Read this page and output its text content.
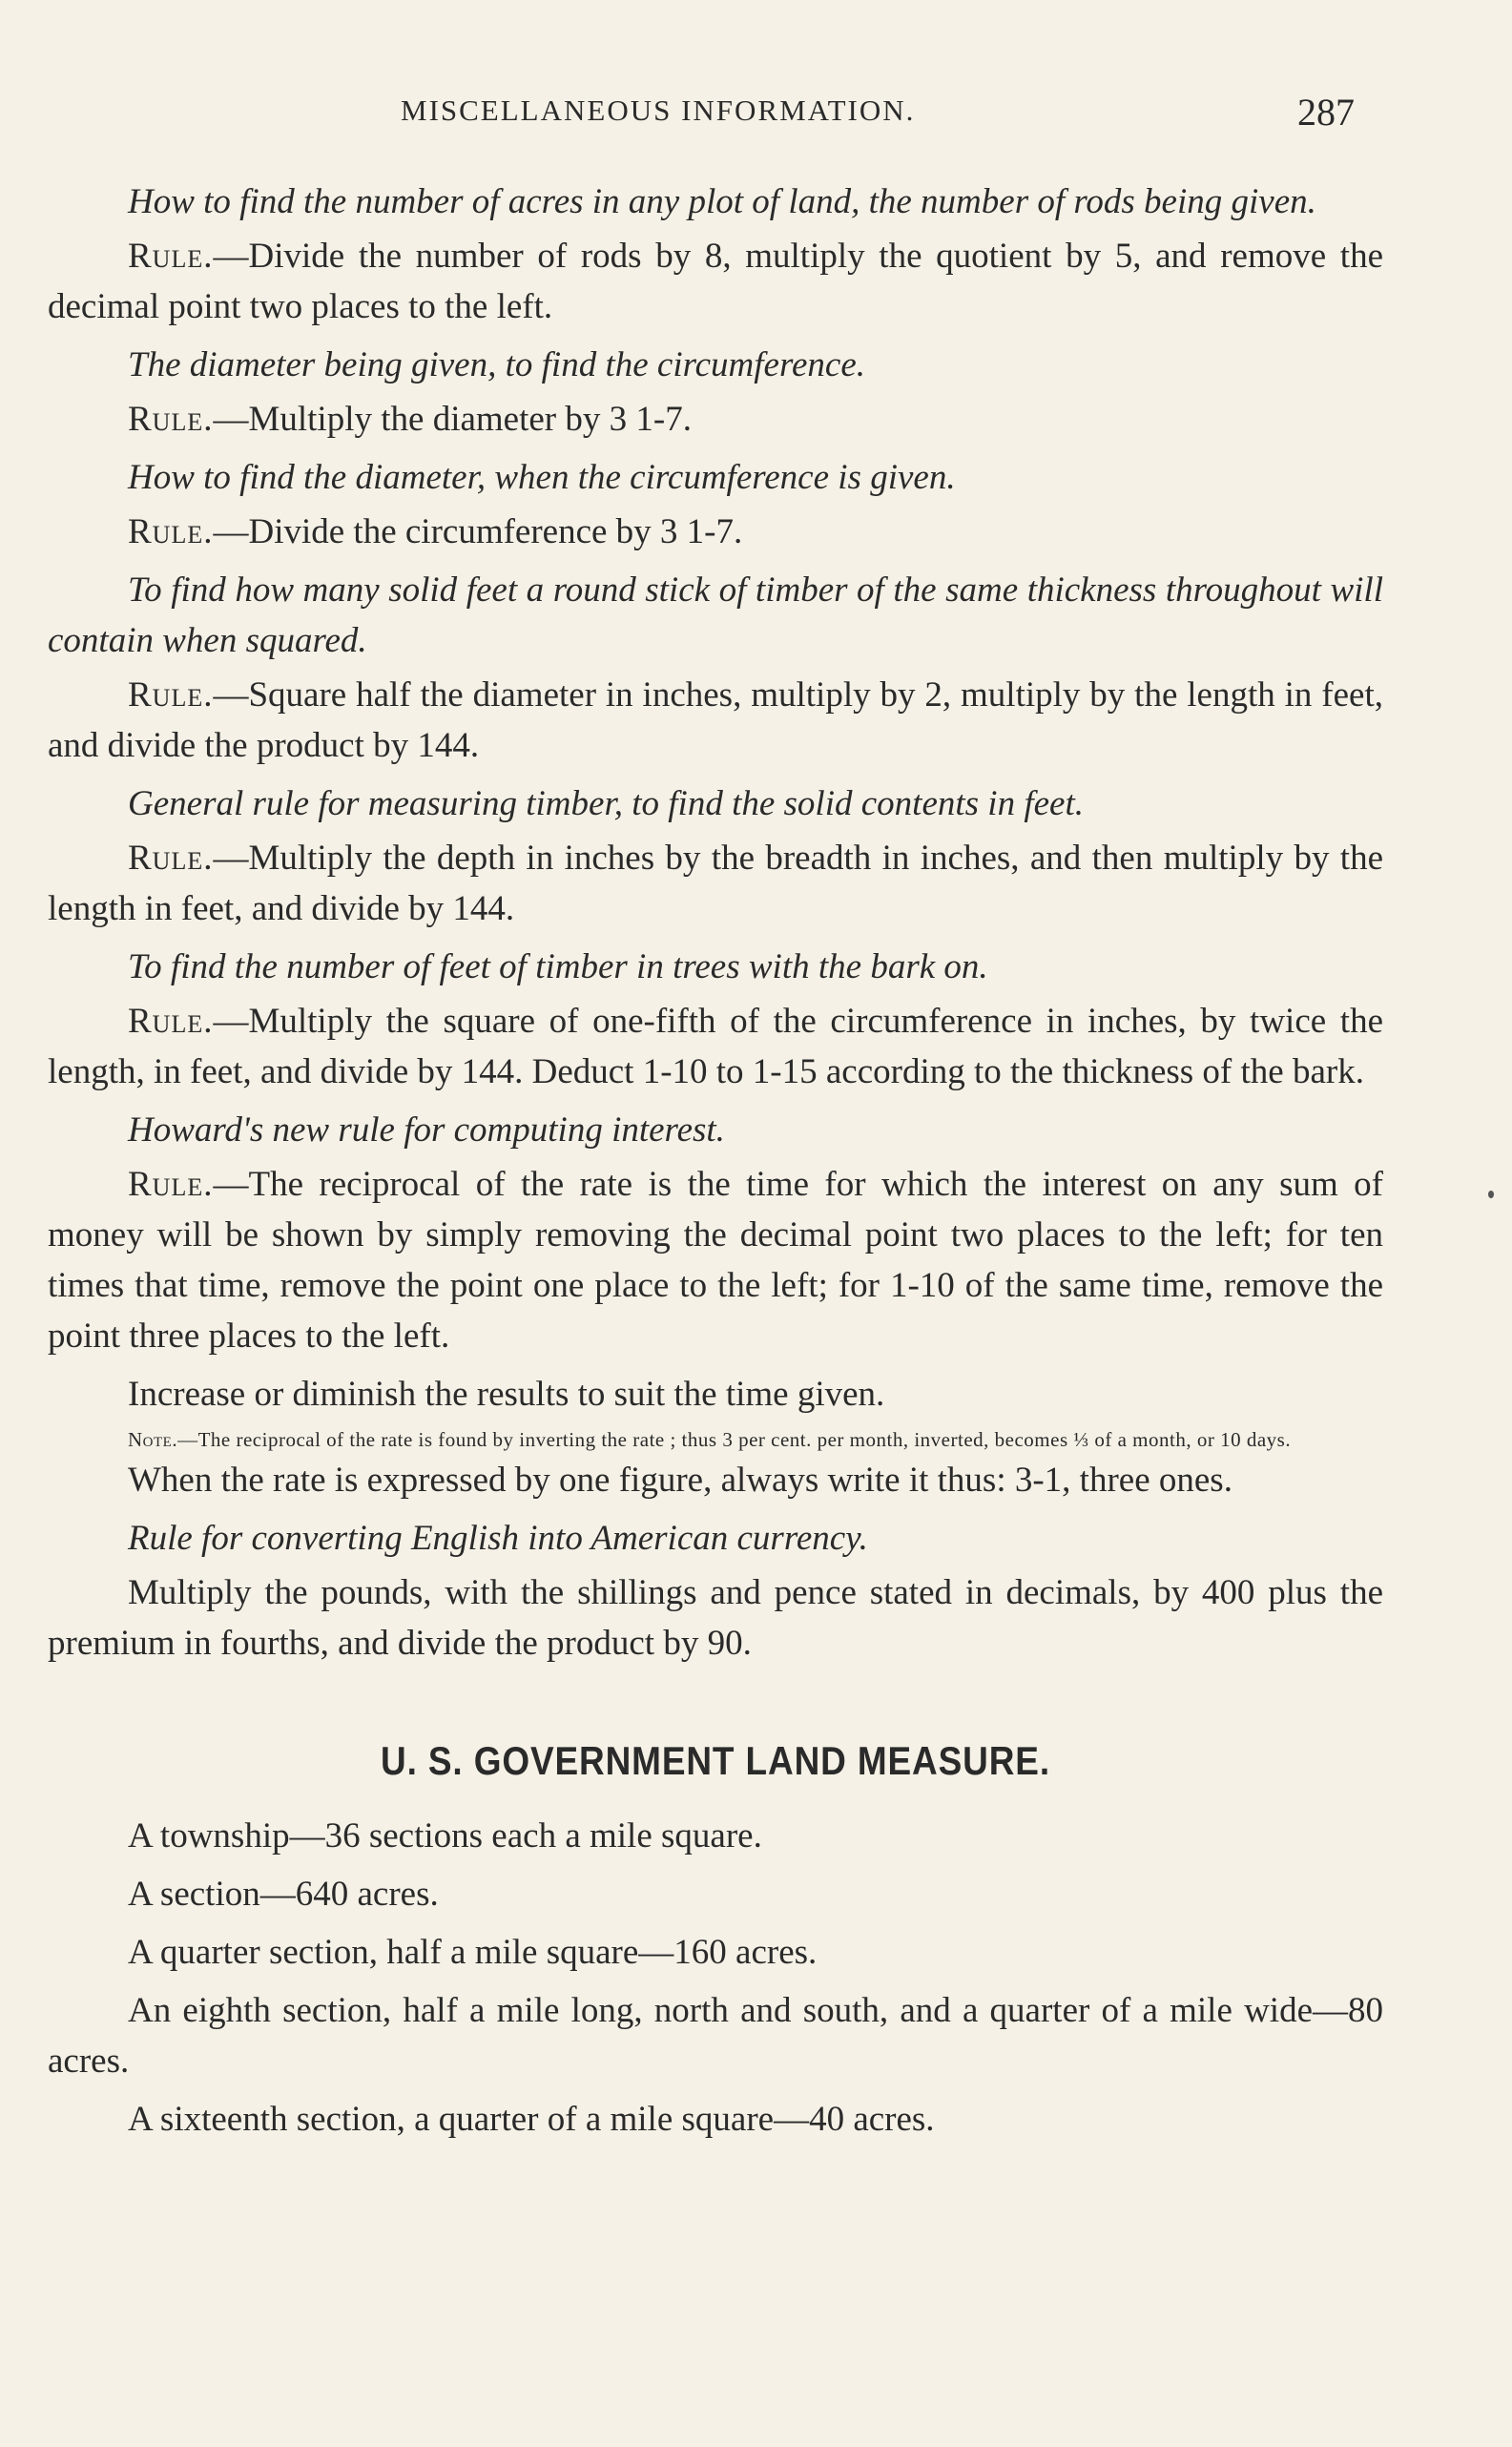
MISCELLANEOUS INFORMATION.	287

How to find the number of acres in any plot of land, the number of rods being given.

Rule.—Divide the number of rods by 8, multiply the quotient by 5, and remove the decimal point two places to the left.

The diameter being given, to find the circumference.

Rule.—Multiply the diameter by 3 1-7.

How to find the diameter, when the circumference is given.

Rule.—Divide the circumference by 3 1-7.

To find how many solid feet a round stick of timber of the same thickness throughout will contain when squared.

Rule.—Square half the diameter in inches, multiply by 2, multiply by the length in feet, and divide the product by 144.

General rule for measuring timber, to find the solid contents in feet.

Rule.—Multiply the depth in inches by the breadth in inches, and then multiply by the length in feet, and divide by 144.

To find the number of feet of timber in trees with the bark on.

Rule.—Multiply the square of one-fifth of the circumference in inches, by twice the length, in feet, and divide by 144. Deduct 1-10 to 1-15 according to the thickness of the bark.

Howard's new rule for computing interest.

Rule.—The reciprocal of the rate is the time for which the interest on any sum of money will be shown by simply removing the decimal point two places to the left; for ten times that time, remove the point one place to the left; for 1-10 of the same time, remove the point three places to the left.

Increase or diminish the results to suit the time given.

Note.—The reciprocal of the rate is found by inverting the rate ; thus 3 per cent. per month, inverted, becomes ⅓ of a month, or 10 days.

When the rate is expressed by one figure, always write it thus: 3-1, three ones.

Rule for converting English into American currency.

Multiply the pounds, with the shillings and pence stated in decimals, by 400 plus the premium in fourths, and divide the product by 90.

U. S. GOVERNMENT LAND MEASURE.

A township—36 sections each a mile square.

A section—640 acres.

A quarter section, half a mile square—160 acres.

An eighth section, half a mile long, north and south, and a quarter of a mile wide—80 acres.

A sixteenth section, a quarter of a mile square—40 acres.
